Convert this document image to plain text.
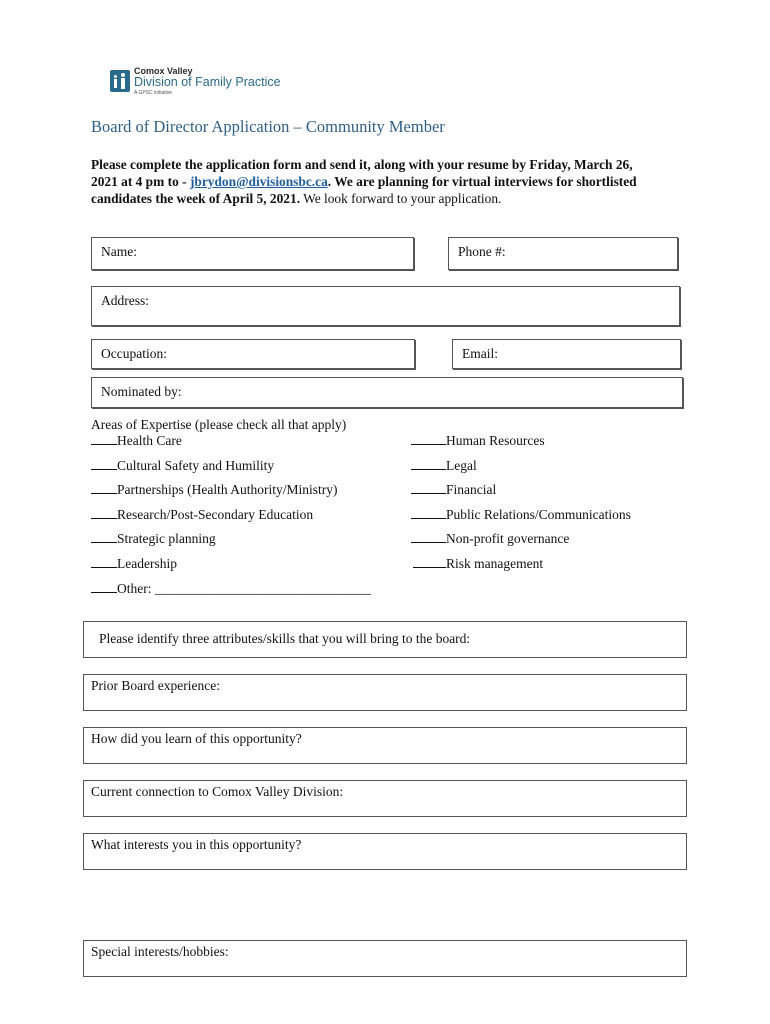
Comox Valley
Division of Family Practice
A GPSC initiative
Board of Director Application – Community Member
Please complete the application form and send it, along with your resume by Friday, March 26, 2021 at 4 pm to - jbrydon@divisionsbc.ca. We are planning for virtual interviews for shortlisted candidates the week of April 5, 2021. We look forward to your application.
Name:	Phone #:
Address:
Occupation:	Email:
Nominated by:
Areas of Expertise (please check all that apply)
Health Care
Cultural Safety and Humility
Partnerships (Health Authority/Ministry)
Research/Post-Secondary Education
Strategic planning
Leadership
Other: ________________________________
Human Resources
Legal
Financial
Public Relations/Communications
Non-profit governance
Risk management
Please identify three attributes/skills that you will bring to the board:
Prior Board experience:
How did you learn of this opportunity?
Current connection to Comox Valley Division:
What interests you in this opportunity?
Special interests/hobbies:
